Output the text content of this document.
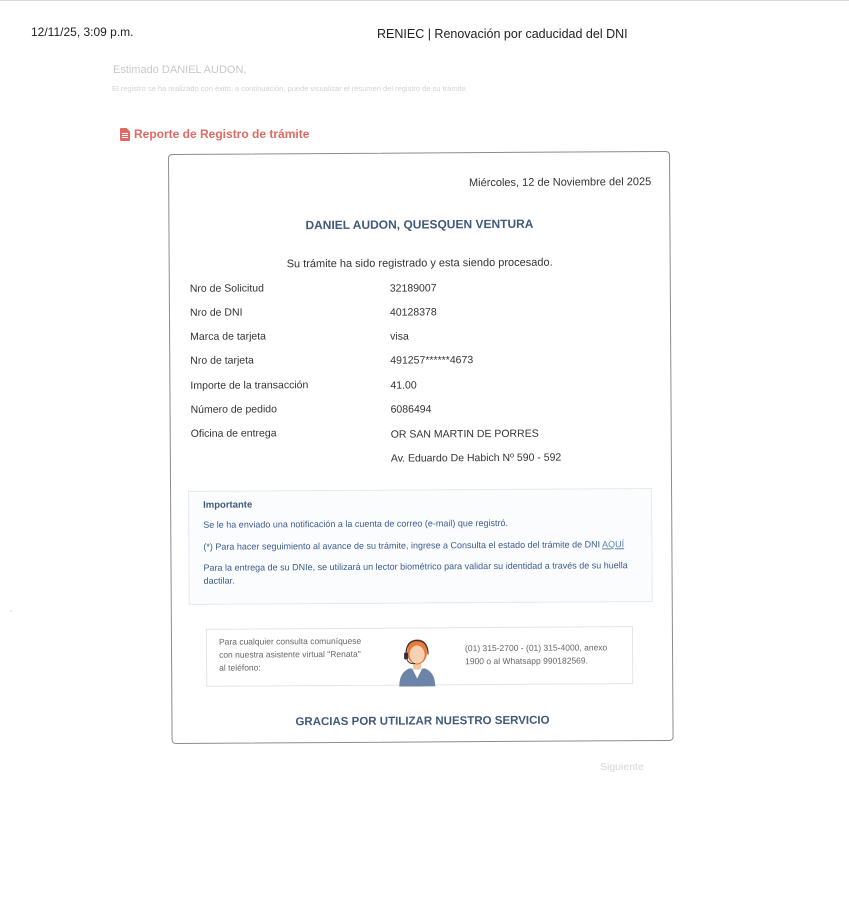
12/11/25, 3:09 p.m.	RENIEC | Renovación por caducidad del DNI
Estimado DANIEL AUDON,
El registro se ha realizado con éxito, a continuación, puede visualizar el resumen del registro de su trámite.
Reporte de Registro de trámite
Miércoles, 12 de Noviembre del 2025
DANIEL AUDON, QUESQUEN VENTURA
Su trámite ha sido registrado y esta siendo procesado.
Nro de Solicitud	32189007
Nro de DNI	40128378
Marca de tarjeta	visa
Nro de tarjeta	491257******4673
Importe de la transacción	41.00
Número de pedido	6086494
Oficina de entrega	OR SAN MARTIN DE PORRES
Av. Eduardo De Habich Nº 590 - 592
Importante
Se le ha enviado una notificación a la cuenta de correo (e-mail) que registró.
(*) Para hacer seguimiento al avance de su trámite, ingrese a Consulta el estado del trámite de DNI AQUÍ
Para la entrega de su DNIe, se utilizará un lector biométrico para validar su identidad a través de su huella dactilar.
Para cualquier consulta comuníquese
con nuestra asistente virtual "Renata"
al teléfono:
(01) 315-2700 - (01) 315-4000, anexo
1900 o al Whatsapp 990182569.
GRACIAS POR UTILIZAR NUESTRO SERVICIO
Siguiente
